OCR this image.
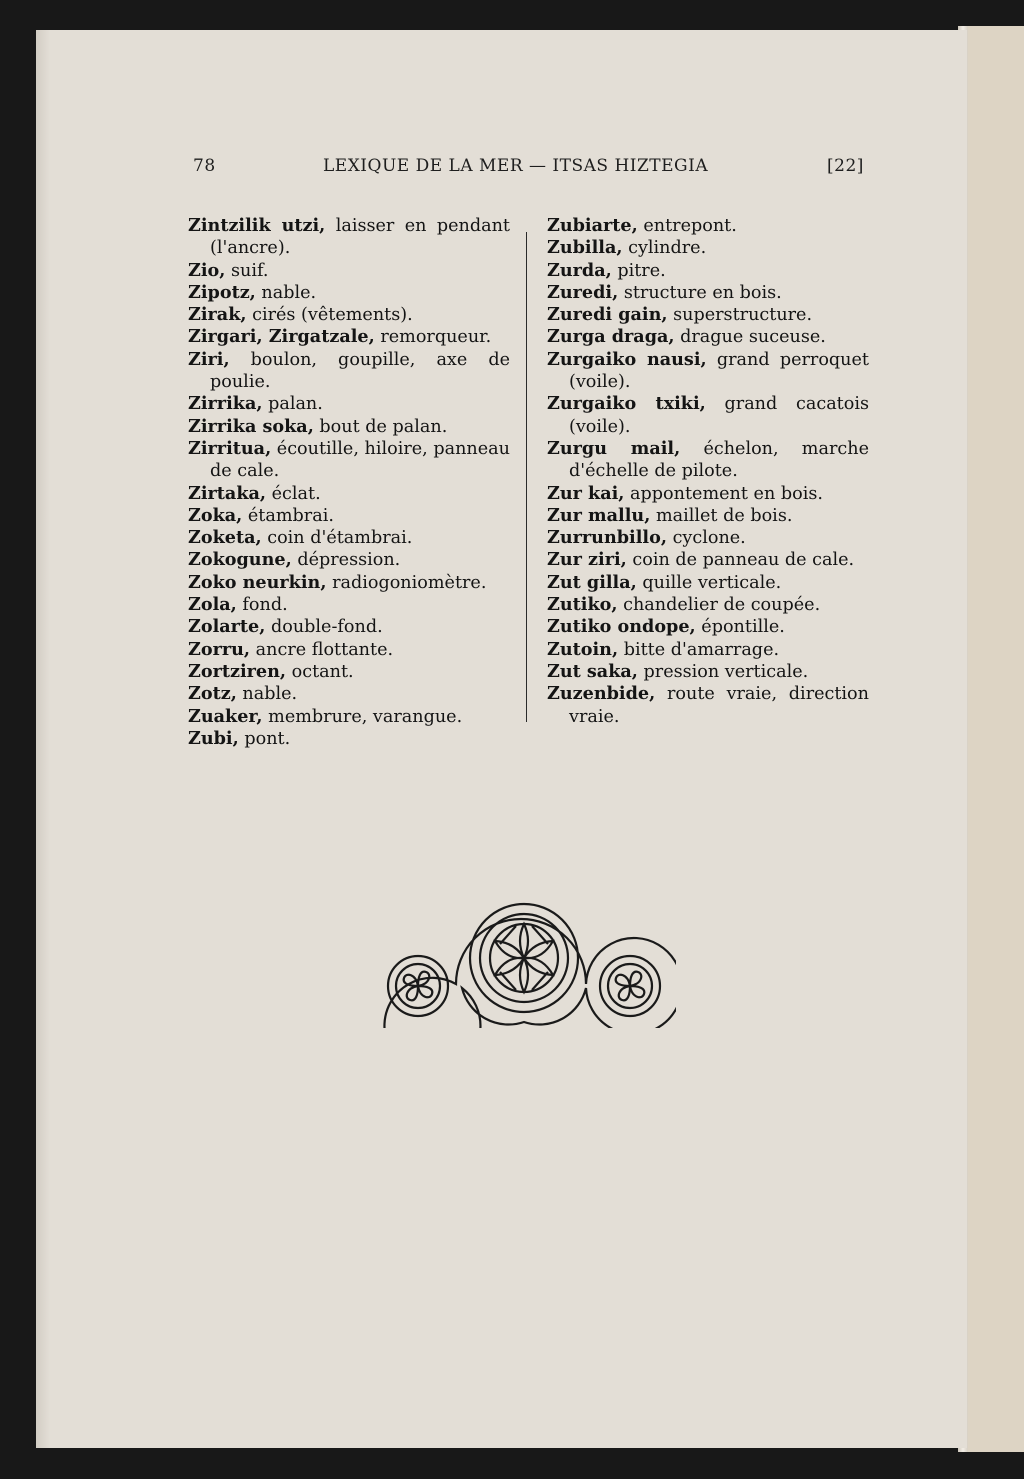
78	LEXIQUE DE LA MER — ITSAS HIZTEGIA	[22]
Zintzilik utzi, laisser en pendant (l'ancre).
Zio, suif.
Zipotz, nable.
Zirak, cirés (vêtements).
Zirgari, Zirgatzale, remorqueur.
Ziri, boulon, goupille, axe de poulie.
Zirrika, palan.
Zirrika soka, bout de palan.
Zirritua, écoutille, hiloire, panneau de cale.
Zirtaka, éclat.
Zoka, étambrai.
Zoketa, coin d'étambrai.
Zokogune, dépression.
Zoko neurkin, radiogoniomètre.
Zola, fond.
Zolarte, double-fond.
Zorru, ancre flottante.
Zortziren, octant.
Zotz, nable.
Zuaker, membrure, varangue.
Zubi, pont.
Zubiarte, entrepont.
Zubilla, cylindre.
Zurda, pitre.
Zuredi, structure en bois.
Zuredi gain, superstructure.
Zurga draga, drague suceuse.
Zurgaiko nausi, grand perroquet (voile).
Zurgaiko txiki, grand cacatois (voile).
Zurgu mail, échelon, marche d'échelle de pilote.
Zur kai, appontement en bois.
Zur mallu, maillet de bois.
Zurrunbillo, cyclone.
Zur ziri, coin de panneau de cale.
Zut gilla, quille verticale.
Zutiko, chandelier de coupée.
Zutiko ondope, épontille.
Zutoin, bitte d'amarrage.
Zut saka, pression verticale.
Zuzenbide, route vraie, direction vraie.
